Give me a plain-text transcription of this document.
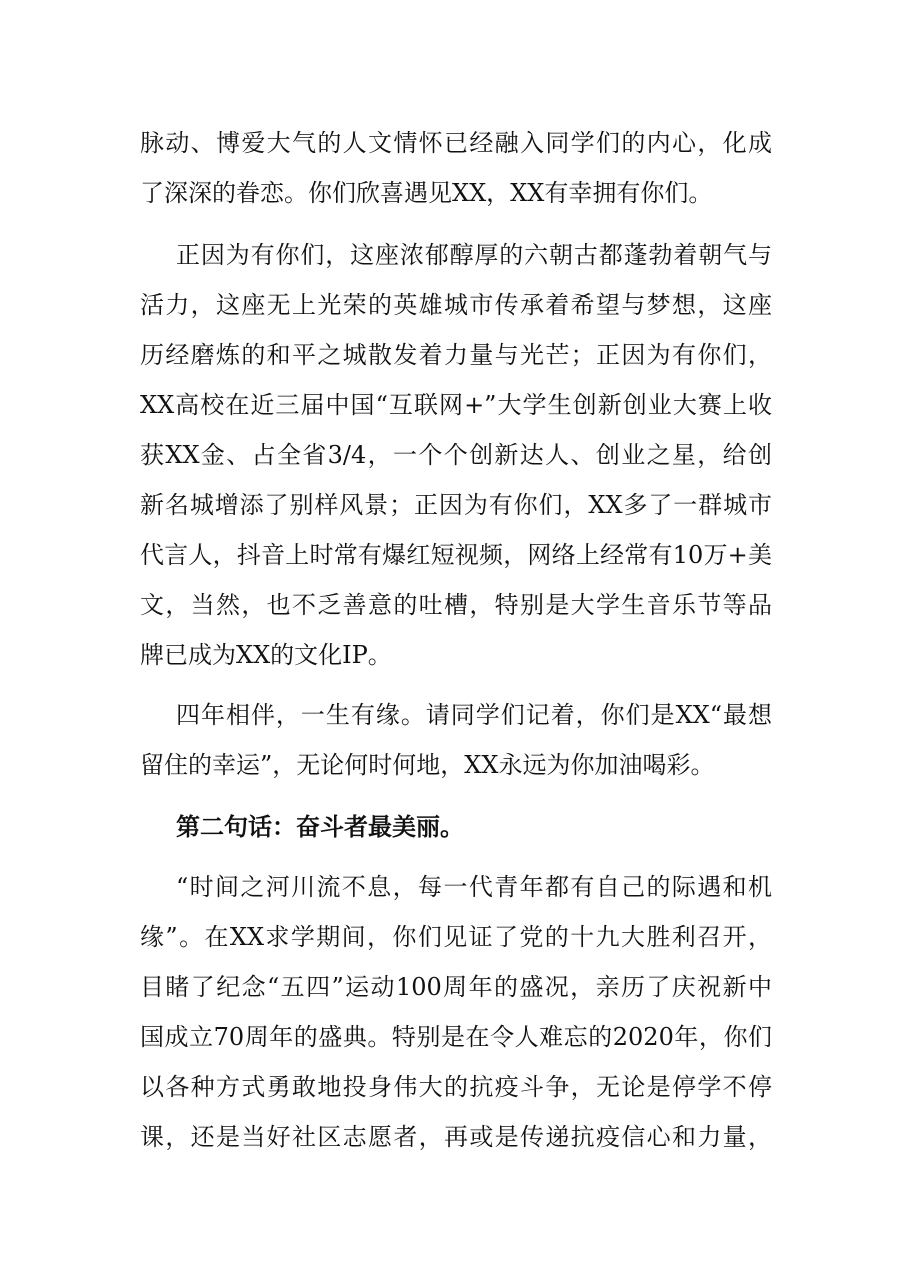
脉动、博爱大气的人文情怀已经融入同学们的内心，化成
了深深的眷恋。你们欣喜遇见XX，XX有幸拥有你们。
正因为有你们，这座浓郁醇厚的六朝古都蓬勃着朝气与
活力，这座无上光荣的英雄城市传承着希望与梦想，这座
历经磨炼的和平之城散发着力量与光芒；正因为有你们，
XX高校在近三届中国“互联网+”大学生创新创业大赛上收
获XX金、占全省3/4，一个个创新达人、创业之星，给创
新名城增添了别样风景；正因为有你们，XX多了一群城市
代言人，抖音上时常有爆红短视频，网络上经常有10万+美
文，当然，也不乏善意的吐槽，特别是大学生音乐节等品
牌已成为XX的文化IP。
四年相伴，一生有缘。请同学们记着，你们是XX“最想
留住的幸运”，无论何时何地，XX永远为你加油喝彩。
第二句话：奋斗者最美丽。
“时间之河川流不息，每一代青年都有自己的际遇和机
缘”。在XX求学期间，你们见证了党的十九大胜利召开，
目睹了纪念“五四”运动100周年的盛况，亲历了庆祝新中
国成立70周年的盛典。特别是在令人难忘的2020年，你们
以各种方式勇敢地投身伟大的抗疫斗争，无论是停学不停
课，还是当好社区志愿者，再或是传递抗疫信心和力量，
